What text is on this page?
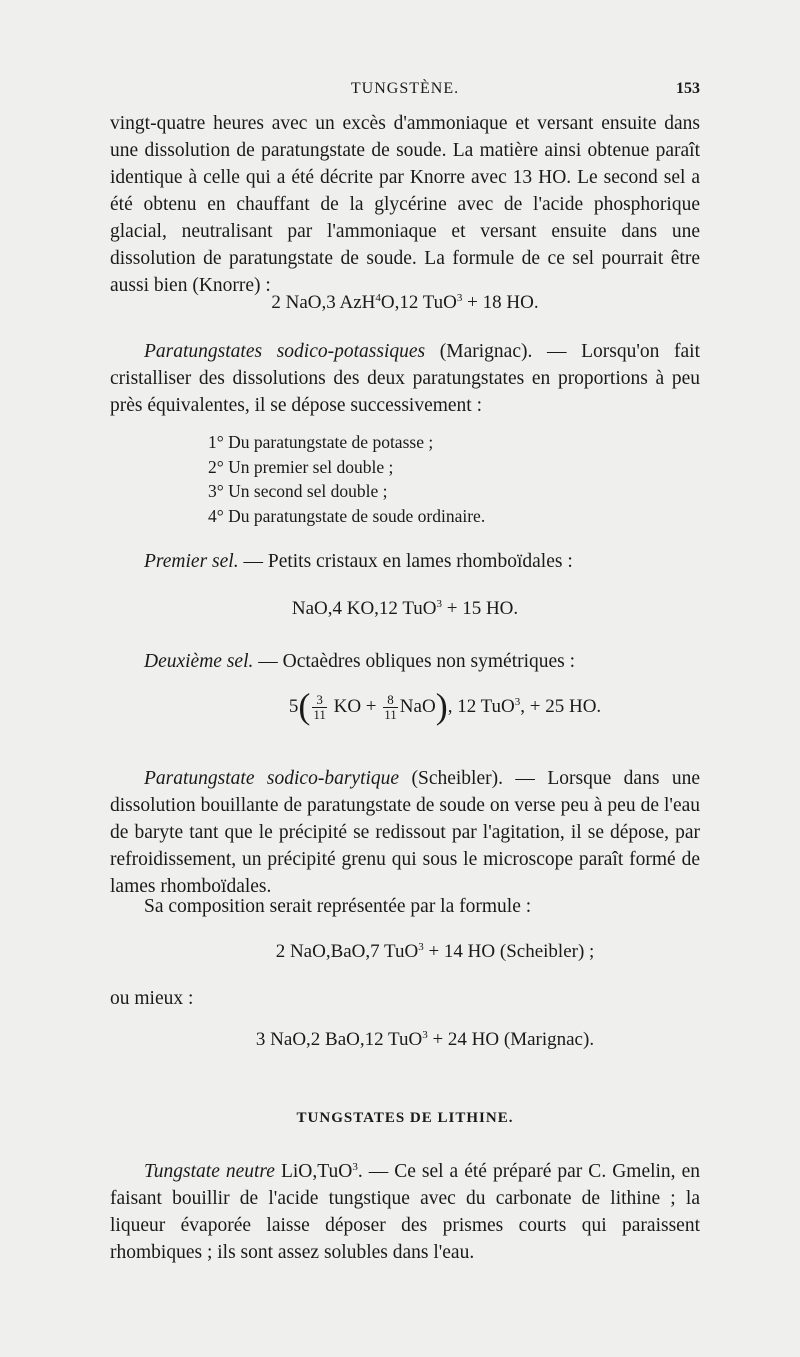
TUNGSTÈNE.	153
vingt-quatre heures avec un excès d'ammoniaque et versant ensuite dans une dissolution de paratungstate de soude. La matière ainsi obtenue paraît identique à celle qui a été décrite par Knorre avec 13 HO. Le second sel a été obtenu en chauffant de la glycérine avec de l'acide phosphorique glacial, neutralisant par l'ammoniaque et versant ensuite dans une dissolution de paratungstate de soude. La formule de ce sel pourrait être aussi bien (Knorre) :
2 NaO,3 AzH$^4$O,12 TuO$^3$ + 18 HO.
Paratungstates sodico-potassiques (Marignac). — Lorsqu'on fait cristalliser des dissolutions des deux paratungstates en proportions à peu près équivalentes, il se dépose successivement :
1° Du paratungstate de potasse ;
2° Un premier sel double ;
3° Un second sel double ;
4° Du paratungstate de soude ordinaire.
Premier sel. — Petits cristaux en lames rhomboïdales :
NaO,4 KO,12 TuO$^3$ + 15 HO.
Deuxième sel. — Octaèdres obliques non symétriques :
$5( \frac{3}{11}$ KO + $\frac{8}{11} NaO$), 12 TuO$^3$, + 25 HO.
Paratungstate sodico-barytique (Scheibler). — Lorsque dans une dissolution bouillante de paratungstate de soude on verse peu à peu de l'eau de baryte tant que le précipité se redissout par l'agitation, il se dépose, par refroidissement, un précipité grenu qui sous le microscope paraît formé de lames rhomboïdales.
Sa composition serait représentée par la formule :
2 NaO,BaO,7 TuO$^3$ + 14 HO (Scheibler) ;
ou mieux :
3 NaO,2 BaO,12 TuO$^3$ + 24 HO (Marignac).
TUNGSTATES DE LITHINE.
Tungstate neutre LiO,TuO$^3$. — Ce sel a été préparé par C. Gmelin, en faisant bouillir de l'acide tungstique avec du carbonate de lithine ; la liqueur évaporée laisse déposer des prismes courts qui paraissent rhombiques ; ils sont assez solubles dans l'eau.
